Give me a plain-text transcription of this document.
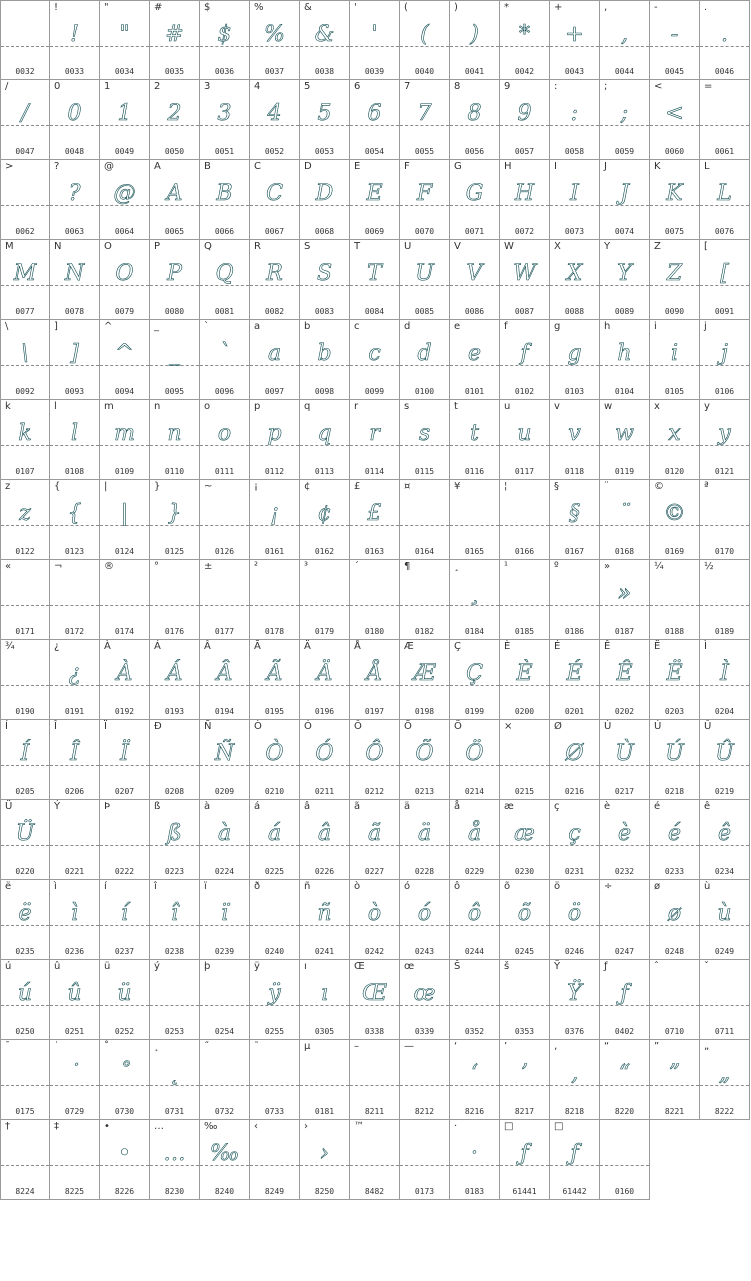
0032
!
!
0033
"
"
0034
#
#
0035
$
$
0036
%
%
0037
&
&
0038
'
'
0039
(
(
0040
)
)
0041
*
*
0042
+
+
0043
,
,
0044
-
-
0045
.
.
0046
/
/
0047
0
0
0048
1
1
0049
2
2
0050
3
3
0051
4
4
0052
5
5
0053
6
6
0054
7
7
0055
8
8
0056
9
9
0057
:
:
0058
;
;
0059
<
<
0060
=
0061
>
0062
?
?
0063
@
@
0064
A
A
0065
B
B
0066
C
C
0067
D
D
0068
E
E
0069
F
F
0070
G
G
0071
H
H
0072
I
I
0073
J
J
0074
K
K
0075
L
L
0076
M
M
0077
N
N
0078
O
O
0079
P
P
0080
Q
Q
0081
R
R
0082
S
S
0083
T
T
0084
U
U
0085
V
V
0086
W
W
0087
X
X
0088
Y
Y
0089
Z
Z
0090
[
[
0091
\
\
0092
]
]
0093
^
^
0094
_
_
0095
`
`
0096
a
a
0097
b
b
0098
c
c
0099
d
d
0100
e
e
0101
f
f
0102
g
g
0103
h
h
0104
i
i
0105
j
j
0106
k
k
0107
l
l
0108
m
m
0109
n
n
0110
o
o
0111
p
p
0112
q
q
0113
r
r
0114
s
s
0115
t
t
0116
u
u
0117
v
v
0118
w
w
0119
x
x
0120
y
y
0121
z
z
0122
{
{
0123
|
|
0124
}
}
0125
~
0126
¡
¡
0161
¢
¢
0162
£
£
0163
¤
0164
¥
0165
¦
0166
§
§
0167
¨
¨
0168
©
©
0169
ª
0170
«
0171
¬
0172
®
0174
°
0176
±
0177
²
0178
³
0179
´
0180
¶
0182
¸
¸
0184
¹
0185
º
0186
»
»
0187
¼
0188
½
0189
¾
0190
¿
¿
0191
À
À
0192
Á
Á
0193
Â
Â
0194
Ã
Ã
0195
Ä
Ä
0196
Å
Å
0197
Æ
Æ
0198
Ç
Ç
0199
È
È
0200
É
É
0201
Ê
Ê
0202
Ë
Ë
0203
Ì
Ì
0204
Í
Í
0205
Î
Î
0206
Ï
Ï
0207
Ð
0208
Ñ
Ñ
0209
Ò
Ò
0210
Ó
Ó
0211
Ô
Ô
0212
Õ
Õ
0213
Ö
Ö
0214
×
0215
Ø
Ø
0216
Ù
Ù
0217
Ú
Ú
0218
Û
Û
0219
Ü
Ü
0220
Ý
0221
Þ
0222
ß
ß
0223
à
à
0224
á
á
0225
â
â
0226
ã
ã
0227
ä
ä
0228
å
å
0229
æ
æ
0230
ç
ç
0231
è
è
0232
é
é
0233
ê
ê
0234
ë
ë
0235
ì
ì
0236
í
í
0237
î
î
0238
ï
ï
0239
ð
0240
ñ
ñ
0241
ò
ò
0242
ó
ó
0243
ô
ô
0244
õ
õ
0245
ö
ö
0246
÷
0247
ø
ø
0248
ù
ù
0249
ú
ú
0250
û
û
0251
ü
ü
0252
ý
0253
þ
0254
ÿ
ÿ
0255
ı
ı
0305
Œ
Œ
0338
œ
œ
0339
Š
0352
š
0353
Ÿ
Ÿ
0376
ƒ
ƒ
0402
ˆ
0710
ˇ
0711
¯
0175
˙
˙
0729
˚
˚
0730
˛
˛
0731
˝
0732
˜
0733
µ
0181
–
8211
—
8212
‘
‘
8216
’
’
8217
‚
‚
8218
“
“
8220
”
”
8221
„
„
8222
†
8224
‡
8225
•
•
8226
…
…
8230
‰
‰
8240
‹
8249
›
›
8250
™
8482	0173
·
·
0183
□
ƒ
61441
□
ƒ
61442	0160
